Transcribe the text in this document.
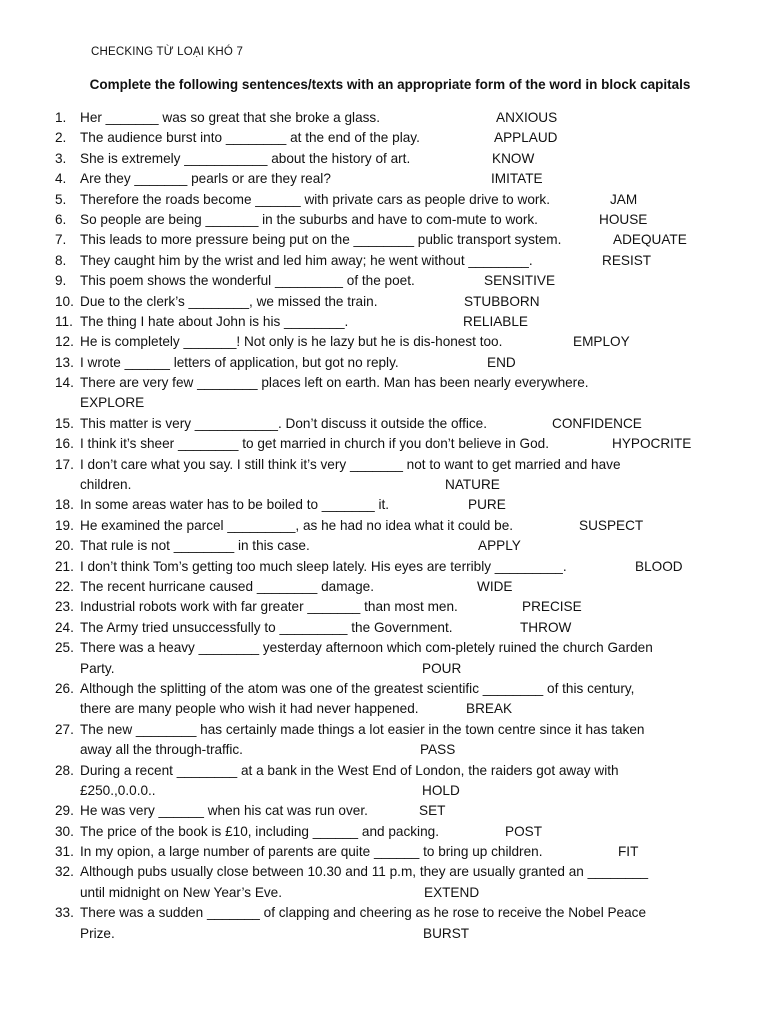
CHECKING TỪ LOẠI KHÓ 7
Complete the following sentences/texts with an appropriate form of the word in block capitals
1. Her _______ was so great that she broke a glass.	ANXIOUS
2. The audience burst into ________ at the end of the play.	APPLAUD
3. She is extremely ___________ about the history of art.	KNOW
4. Are they _______ pearls or are they real?	IMITATE
5. Therefore the roads become ______ with private cars as people drive to work.	JAM
6. So people are being _______ in the suburbs and have to com-mute to work.	HOUSE
7. This leads to more pressure being put on the ________ public transport system.	ADEQUATE
8. They caught him by the wrist and led him away; he went without ________.	RESIST
9. This poem shows the wonderful _________ of the poet.	SENSITIVE
10. Due to the clerk’s ________, we missed the train.	STUBBORN
11. The thing I hate about John is his ________.	RELIABLE
12. He is completely _______! Not only is he lazy but he is dis-honest too.	EMPLOY
13. I wrote ______ letters of application, but got no reply.	END
14. There are very few ________ places left on earth. Man has been nearly everywhere.
EXPLORE
15. This matter is very ___________. Don’t discuss it outside the office.	CONFIDENCE
16. I think it’s sheer ________ to get married in church if you don’t believe in God.	HYPOCRITE
17. I don’t care what you say. I still think it’s very _______ not to want to get married and have
children.	NATURE
18. In some areas water has to be boiled to _______ it.	PURE
19. He examined the parcel _________, as he had no idea what it could be.	SUSPECT
20. That rule is not ________ in this case.	APPLY
21. I don’t think Tom’s getting too much sleep lately. His eyes are terribly _________.	BLOOD
22. The recent hurricane caused ________ damage.	WIDE
23. Industrial robots work with far greater _______ than most men.	PRECISE
24. The Army tried unsuccessfully to _________ the Government.	THROW
25. There was a heavy ________ yesterday afternoon which com-pletely ruined the church Garden
Party.	POUR
26. Although the splitting of the atom was one of the greatest scientific ________ of this century,
there are many people who wish it had never happened.	BREAK
27. The new ________ has certainly made things a lot easier in the town centre since it has taken
away all the through-traffic.	PASS
28. During a recent ________ at a bank in the West End of London, the raiders got away with
£250.,0.0.0..	HOLD
29. He was very ______ when his cat was run over.	SET
30. The price of the book is £10, including ______ and packing.	POST
31. In my opion, a large number of parents are quite ______ to bring up children.	FIT
32. Although pubs usually close between 10.30 and 11 p.m, they are usually granted an ________
until midnight on New Year’s Eve.	EXTEND
33. There was a sudden _______ of clapping and cheering as he rose to receive the Nobel Peace
Prize.	BURST
